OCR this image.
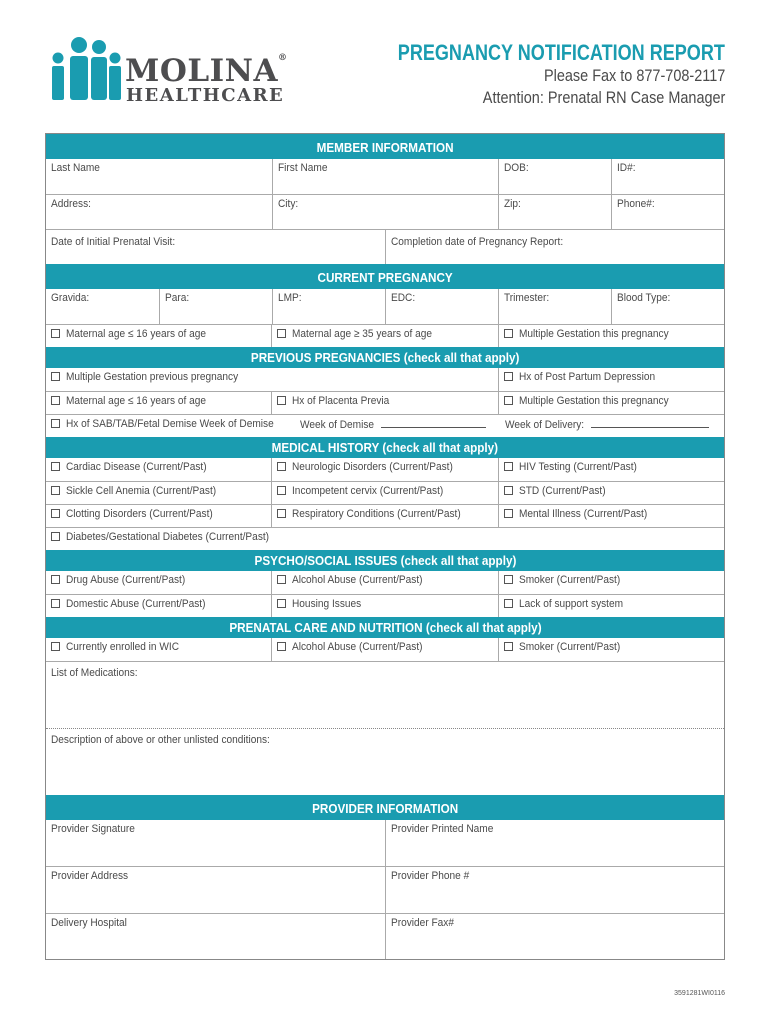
MOLINA®
HEALTHCARE
PREGNANCY NOTIFICATION REPORT
Please Fax to 877-708-2117
Attention: Prenatal RN Case Manager
MEMBER INFORMATION
Last Name	First Name	DOB:	ID#:
Address:	City:	Zip:	Phone#:
Date of Initial Prenatal Visit:	Completion date of Pregnancy Report:
CURRENT PREGNANCY
Gravida:	Para:	LMP:	EDC:	Trimester:	Blood Type:
Maternal age ≤ 16 years of age	Maternal age ≥ 35 years of age	Multiple Gestation this pregnancy
PREVIOUS PREGNANCIES (check all that apply)
Multiple Gestation previous pregnancy	Hx of Post Partum Depression
Maternal age ≤ 16 years of age	Hx of Placenta Previa	Multiple Gestation this pregnancy
Hx of SAB/TAB/Fetal Demise Week of Demise	Week of Demise	Week of Delivery:
MEDICAL HISTORY (check all that apply)
Cardiac Disease (Current/Past)	Neurologic Disorders (Current/Past)	HIV Testing (Current/Past)
Sickle Cell Anemia (Current/Past)	Incompetent cervix (Current/Past)	STD (Current/Past)
Clotting Disorders (Current/Past)	Respiratory Conditions (Current/Past)	Mental Illness (Current/Past)
Diabetes/Gestational Diabetes (Current/Past)
PSYCHO/SOCIAL ISSUES (check all that apply)
Drug Abuse (Current/Past)	Alcohol Abuse (Current/Past)	Smoker (Current/Past)
Domestic Abuse (Current/Past)	Housing Issues	Lack of support system
PRENATAL CARE AND NUTRITION (check all that apply)
Currently enrolled in WIC	Alcohol Abuse (Current/Past)	Smoker (Current/Past)
List of Medications:
Description of above or other unlisted conditions:
PROVIDER INFORMATION
Provider Signature	Provider Printed Name
Provider Address	Provider Phone #
Delivery Hospital	Provider Fax#
3591281WI0116
